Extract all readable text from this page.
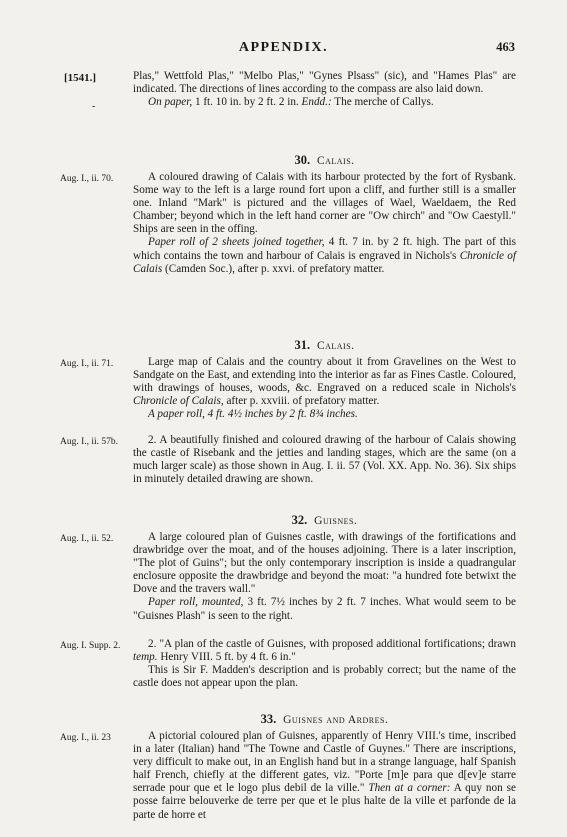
APPENDIX.	463
[1541.]
-

Plas," Wettfold Plas," "Melbo Plas," "Gynes Plsass" (sic), and "Hames Plas" are indicated. The directions of lines according to the compass are also laid down.

On paper, 1 ft. 10 in. by 2 ft. 2 in. Endd.: The merche of Callys.

30. Calais.
Aug. I., ii. 70.	A coloured drawing of Calais with its harbour protected by the fort of Rysbank. Some way to the left is a large round fort upon a cliff, and further still is a smaller one. Inland "Mark" is pictured and the villages of Wael, Waeldaem, the Red Chamber; beyond which in the left hand corner are "Ow chirch" and "Ow Caestyll." Ships are seen in the offing.

Paper roll of 2 sheets joined together, 4 ft. 7 in. by 2 ft. high. The part of this which contains the town and harbour of Calais is engraved in Nichols's Chronicle of Calais (Camden Soc.), after p. xxvi. of prefatory matter.

31. Calais.
Aug. I., ii. 71.	Large map of Calais and the country about it from Gravelines on the West to Sandgate on the East, and extending into the interior as far as Fines Castle. Coloured, with drawings of houses, woods, &c. Engraved on a reduced scale in Nichols's Chronicle of Calais, after p. xxviii. of prefatory matter.

A paper roll, 4 ft. 4½ inches by 2 ft. 8¾ inches.

Aug. I., ii. 57b.	2. A beautifully finished and coloured drawing of the harbour of Calais showing the castle of Risebank and the jetties and landing stages, which are the same (on a much larger scale) as those shown in Aug. I. ii. 57 (Vol. XX. App. No. 36). Six ships in minutely detailed drawing are shown.

32. Guisnes.
Aug. I., ii. 52.	A large coloured plan of Guisnes castle, with drawings of the fortifications and drawbridge over the moat, and of the houses adjoining. There is a later inscription, "The plot of Guins"; but the only contemporary inscription is inside a quadrangular enclosure opposite the drawbridge and beyond the moat: "a hundred fote betwixt the Dove and the travers wall."

Paper roll, mounted, 3 ft. 7½ inches by 2 ft. 7 inches. What would seem to be "Guisnes Plash" is seen to the right.

Aug. I. Supp. 2.	2. "A plan of the castle of Guisnes, with proposed additional fortifications; drawn temp. Henry VIII. 5 ft. by 4 ft. 6 in."

This is Sir F. Madden's description and is probably correct; but the name of the castle does not appear upon the plan.

33. Guisnes and Ardres.
Aug. I., ii. 23	A pictorial coloured plan of Guisnes, apparently of Henry VIII.'s time, inscribed in a later (Italian) hand "The Towne and Castle of Guynes." There are inscriptions, very difficult to make out, in an English hand but in a strange language, half Spanish half French, chiefly at the different gates, viz. "Porte [m]e para que d[ev]e starre serrade pour que et le logo plus debil de la ville." Then at a corner: A quy non se posse fairre belouverke de terre per que et le plus halte de la ville et parfonde de la parte de horre et
